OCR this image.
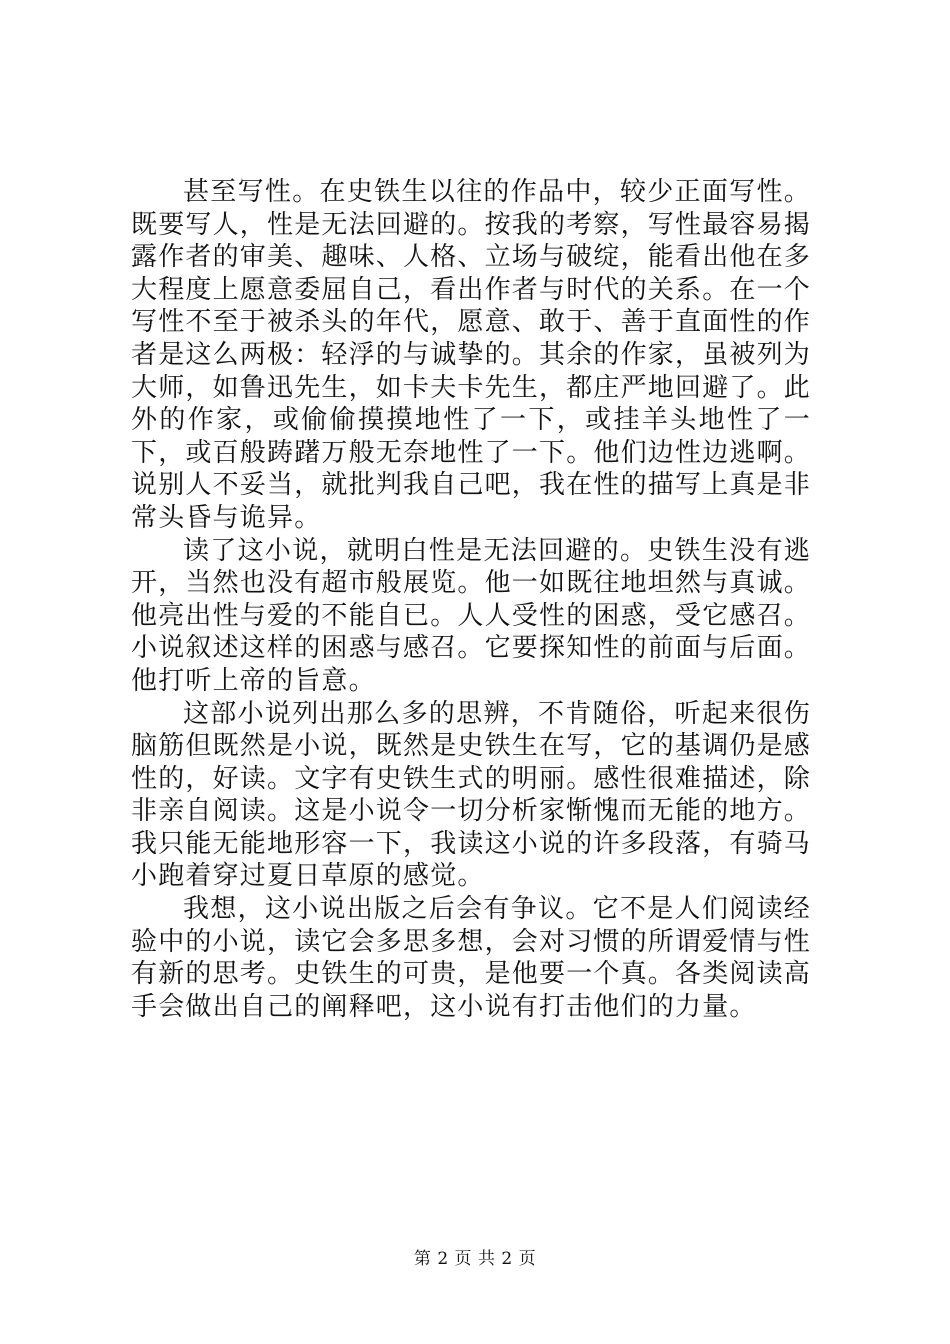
甚至写性。在史铁生以往的作品中，较少正面写性。既要写人，性是无法回避的。按我的考察，写性最容易揭露作者的审美、趣味、人格、立场与破绽，能看出他在多大程度上愿意委屈自己，看出作者与时代的关系。在一个写性不至于被杀头的年代，愿意、敢于、善于直面性的作者是这么两极：轻浮的与诚挚的。其余的作家，虽被列为大师，如鲁迅先生，如卡夫卡先生，都庄严地回避了。此外的作家，或偷偷摸摸地性了一下，或挂羊头地性了一下，或百般踌躇万般无奈地性了一下。他们边性边逃啊。说别人不妥当，就批判我自己吧，我在性的描写上真是非常头昏与诡异。

读了这小说，就明白性是无法回避的。史铁生没有逃开，当然也没有超市般展览。他一如既往地坦然与真诚。他亮出性与爱的不能自已。人人受性的困惑，受它感召。小说叙述这样的困惑与感召。它要探知性的前面与后面。他打听上帝的旨意。

这部小说列出那么多的思辨，不肯随俗，听起来很伤脑筋但既然是小说，既然是史铁生在写，它的基调仍是感性的，好读。文字有史铁生式的明丽。感性很难描述，除非亲自阅读。这是小说令一切分析家惭愧而无能的地方。我只能无能地形容一下，我读这小说的许多段落，有骑马小跑着穿过夏日草原的感觉。

我想，这小说出版之后会有争议。它不是人们阅读经验中的小说，读它会多思多想，会对习惯的所谓爱情与性有新的思考。史铁生的可贵，是他要一个真。各类阅读高手会做出自己的阐释吧，这小说有打击他们的力量。

第 2 页 共 2 页
